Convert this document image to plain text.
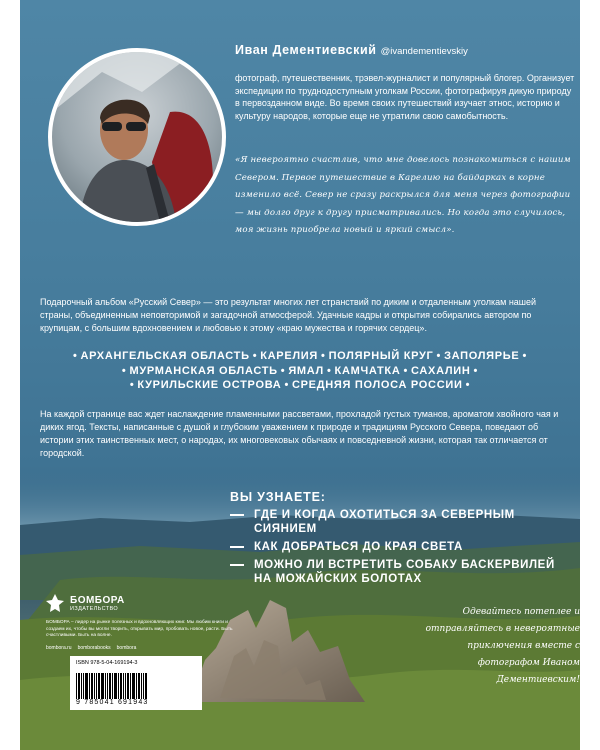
Иван Дементиевский @ivandementievskiy
фотограф, путешественник, трэвел-журналист и популярный блогер. Организует экспедиции по труднодоступным уголкам России, фотографируя дикую природу в первозданном виде. Во время своих путешествий изучает этнос, историю и культуру народов, которые еще не утратили свою самобытность.
«Я невероятно счастлив, что мне довелось познакомиться с нашим Севером. Первое путешествие в Карелию на байдарках в корне изменило всё. Север не сразу раскрылся для меня через фотографии — мы долго друг к другу присматривались. Но когда это случилось, моя жизнь приобрела новый и яркий смысл».
Подарочный альбом «Русский Север» — это результат многих лет странствий по диким и отдаленным уголкам нашей страны, объединенным неповторимой и загадочной атмосферой. Удачные кадры и открытия собирались автором по крупицам, с большим вдохновением и любовью к этому «краю мужества и горячих сердец».
• АРХАНГЕЛЬСКАЯ ОБЛАСТЬ • КАРЕЛИЯ • ПОЛЯРНЫЙ КРУГ • ЗАПОЛЯРЬЕ •
• МУРМАНСКАЯ ОБЛАСТЬ • ЯМАЛ • КАМЧАТКА • САХАЛИН •
• КУРИЛЬСКИЕ ОСТРОВА • СРЕДНЯЯ ПОЛОСА РОССИИ •
На каждой странице вас ждет наслаждение пламенными рассветами, прохладой густых туманов, ароматом хвойного чая и диких ягод. Тексты, написанные с душой и глубоким уважением к природе и традициям Русского Севера, поведают об истории этих таинственных мест, о народах, их многовековых обычаях и повседневной жизни, которая так отличается от городской.
ВЫ УЗНАЕТЕ:
ГДЕ И КОГДА ОХОТИТЬСЯ ЗА СЕВЕРНЫМ СИЯНИЕМ
КАК ДОБРАТЬСЯ ДО КРАЯ СВЕТА
МОЖНО ЛИ ВСТРЕТИТЬ СОБАКУ БАСКЕРВИЛЕЙ НА МОЖАЙСКИХ БОЛОТАХ
БОМБОРА
ИЗДАТЕЛЬСТВО
БОМБОРА – лидер на рынке полезных и вдохновляющих книг. Мы любим книги и создаем их, чтобы вы могли творить, открывать мир, пробовать новое, расти. Быть счастливыми. Быть на волне.
bombora.ru bomborabooks bombora
ISBN 978-5-04-169194-3
9 785041 691943
Одевайтесь потеплее и отправляйтесь в невероятные приключения вместе с фотографом Иваном Дементиевским!
